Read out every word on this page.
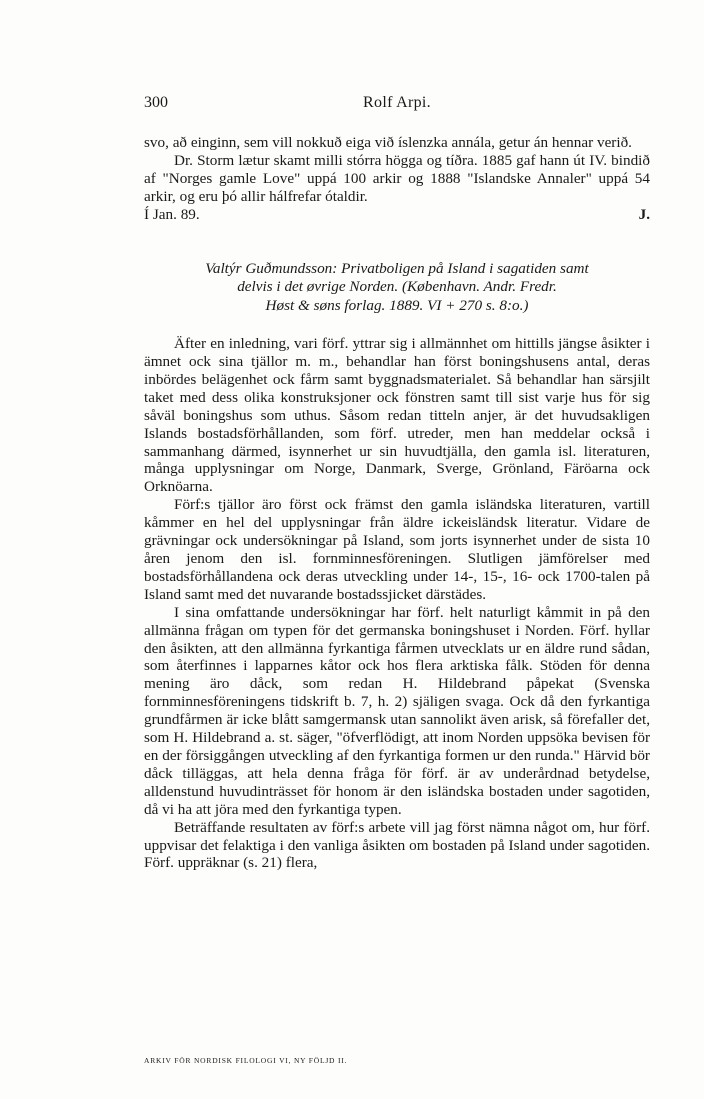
300	Rolf Arpi.

svo, að einginn, sem vill nokkuð eiga við íslenzka annála, getur án hennar verið.

Dr. Storm lætur skamt milli stórra högga og tíðra. 1885 gaf hann út IV. bindið af "Norges gamle Love" uppá 100 arkir og 1888 "Islandske Annaler" uppá 54 arkir, og eru þó allir hálfrefar ótaldir.

Í Jan. 89.	J.
Valtýr Guðmundsson: Privatboligen på Island i sagatiden samt
delvis i det øvrige Norden. (København. Andr. Fredr.
Høst & søns forlag. 1889. VI + 270 s. 8:o.)

Äfter en inledning, vari förf. yttrar sig i allmännhet om hittills jängse åsikter i ämnet ock sina tjällor m. m., behandlar han först boningshusens antal, deras inbördes belägenhet ock fårm samt byggnadsmaterialet. Så behandlar han särsjilt taket med dess olika konstruksjoner ock fönstren samt till sist varje hus för sig såväl boningshus som uthus. Såsom redan titteln anjer, är det huvudsakligen Islands bostadsförhållanden, som förf. utreder, men han meddelar också i sammanhang därmed, isynnerhet ur sin huvudtjälla, den gamla isl. literaturen, många upplysningar om Norge, Danmark, Sverge, Grönland, Färöarna ock Orknöarna.

Förf:s tjällor äro först ock främst den gamla isländska literaturen, vartill kåmmer en hel del upplysningar från äldre ickeisländsk literatur. Vidare de grävningar ock undersökningar på Island, som jorts isynnerhet under de sista 10 åren jenom den isl. fornminnesföreningen. Slutligen jämförelser med bostadsförhållandena ock deras utveckling under 14-, 15-, 16- ock 1700-talen på Island samt med det nuvarande bostadssjicket därstädes.

I sina omfattande undersökningar har förf. helt naturligt kåmmit in på den allmänna frågan om typen för det germanska boningshuset i Norden. Förf. hyllar den åsikten, att den allmänna fyrkantiga fårmen utvecklats ur en äldre rund sådan, som återfinnes i lapparnes kåtor ock hos flera arktiska fålk. Stöden för denna mening äro dåck, som redan H. Hildebrand påpekat (Svenska fornminnesföreningens tidskrift b. 7, h. 2) själigen svaga. Ock då den fyrkantiga grundfårmen är icke blått samgermansk utan sannolikt även arisk, så förefaller det, som H. Hildebrand a. st. säger, "öfverflödigt, att inom Norden uppsöka bevisen för en der försiggången utveckling af den fyrkantiga formen ur den runda." Härvid bör dåck tilläggas, att hela denna fråga för förf. är av underårdnad betydelse, alldenstund huvudinträsset för honom är den isländska bostaden under sagotiden, då vi ha att jöra med den fyrkantiga typen.

Beträffande resultaten av förf:s arbete vill jag först nämna något om, hur förf. uppvisar det felaktiga i den vanliga åsikten om bostaden på Island under sagotiden. Förf. uppräknar (s. 21) flera,

ARKIV FÖR NORDISK FILOLOGI VI, NY FÖLJD II.
